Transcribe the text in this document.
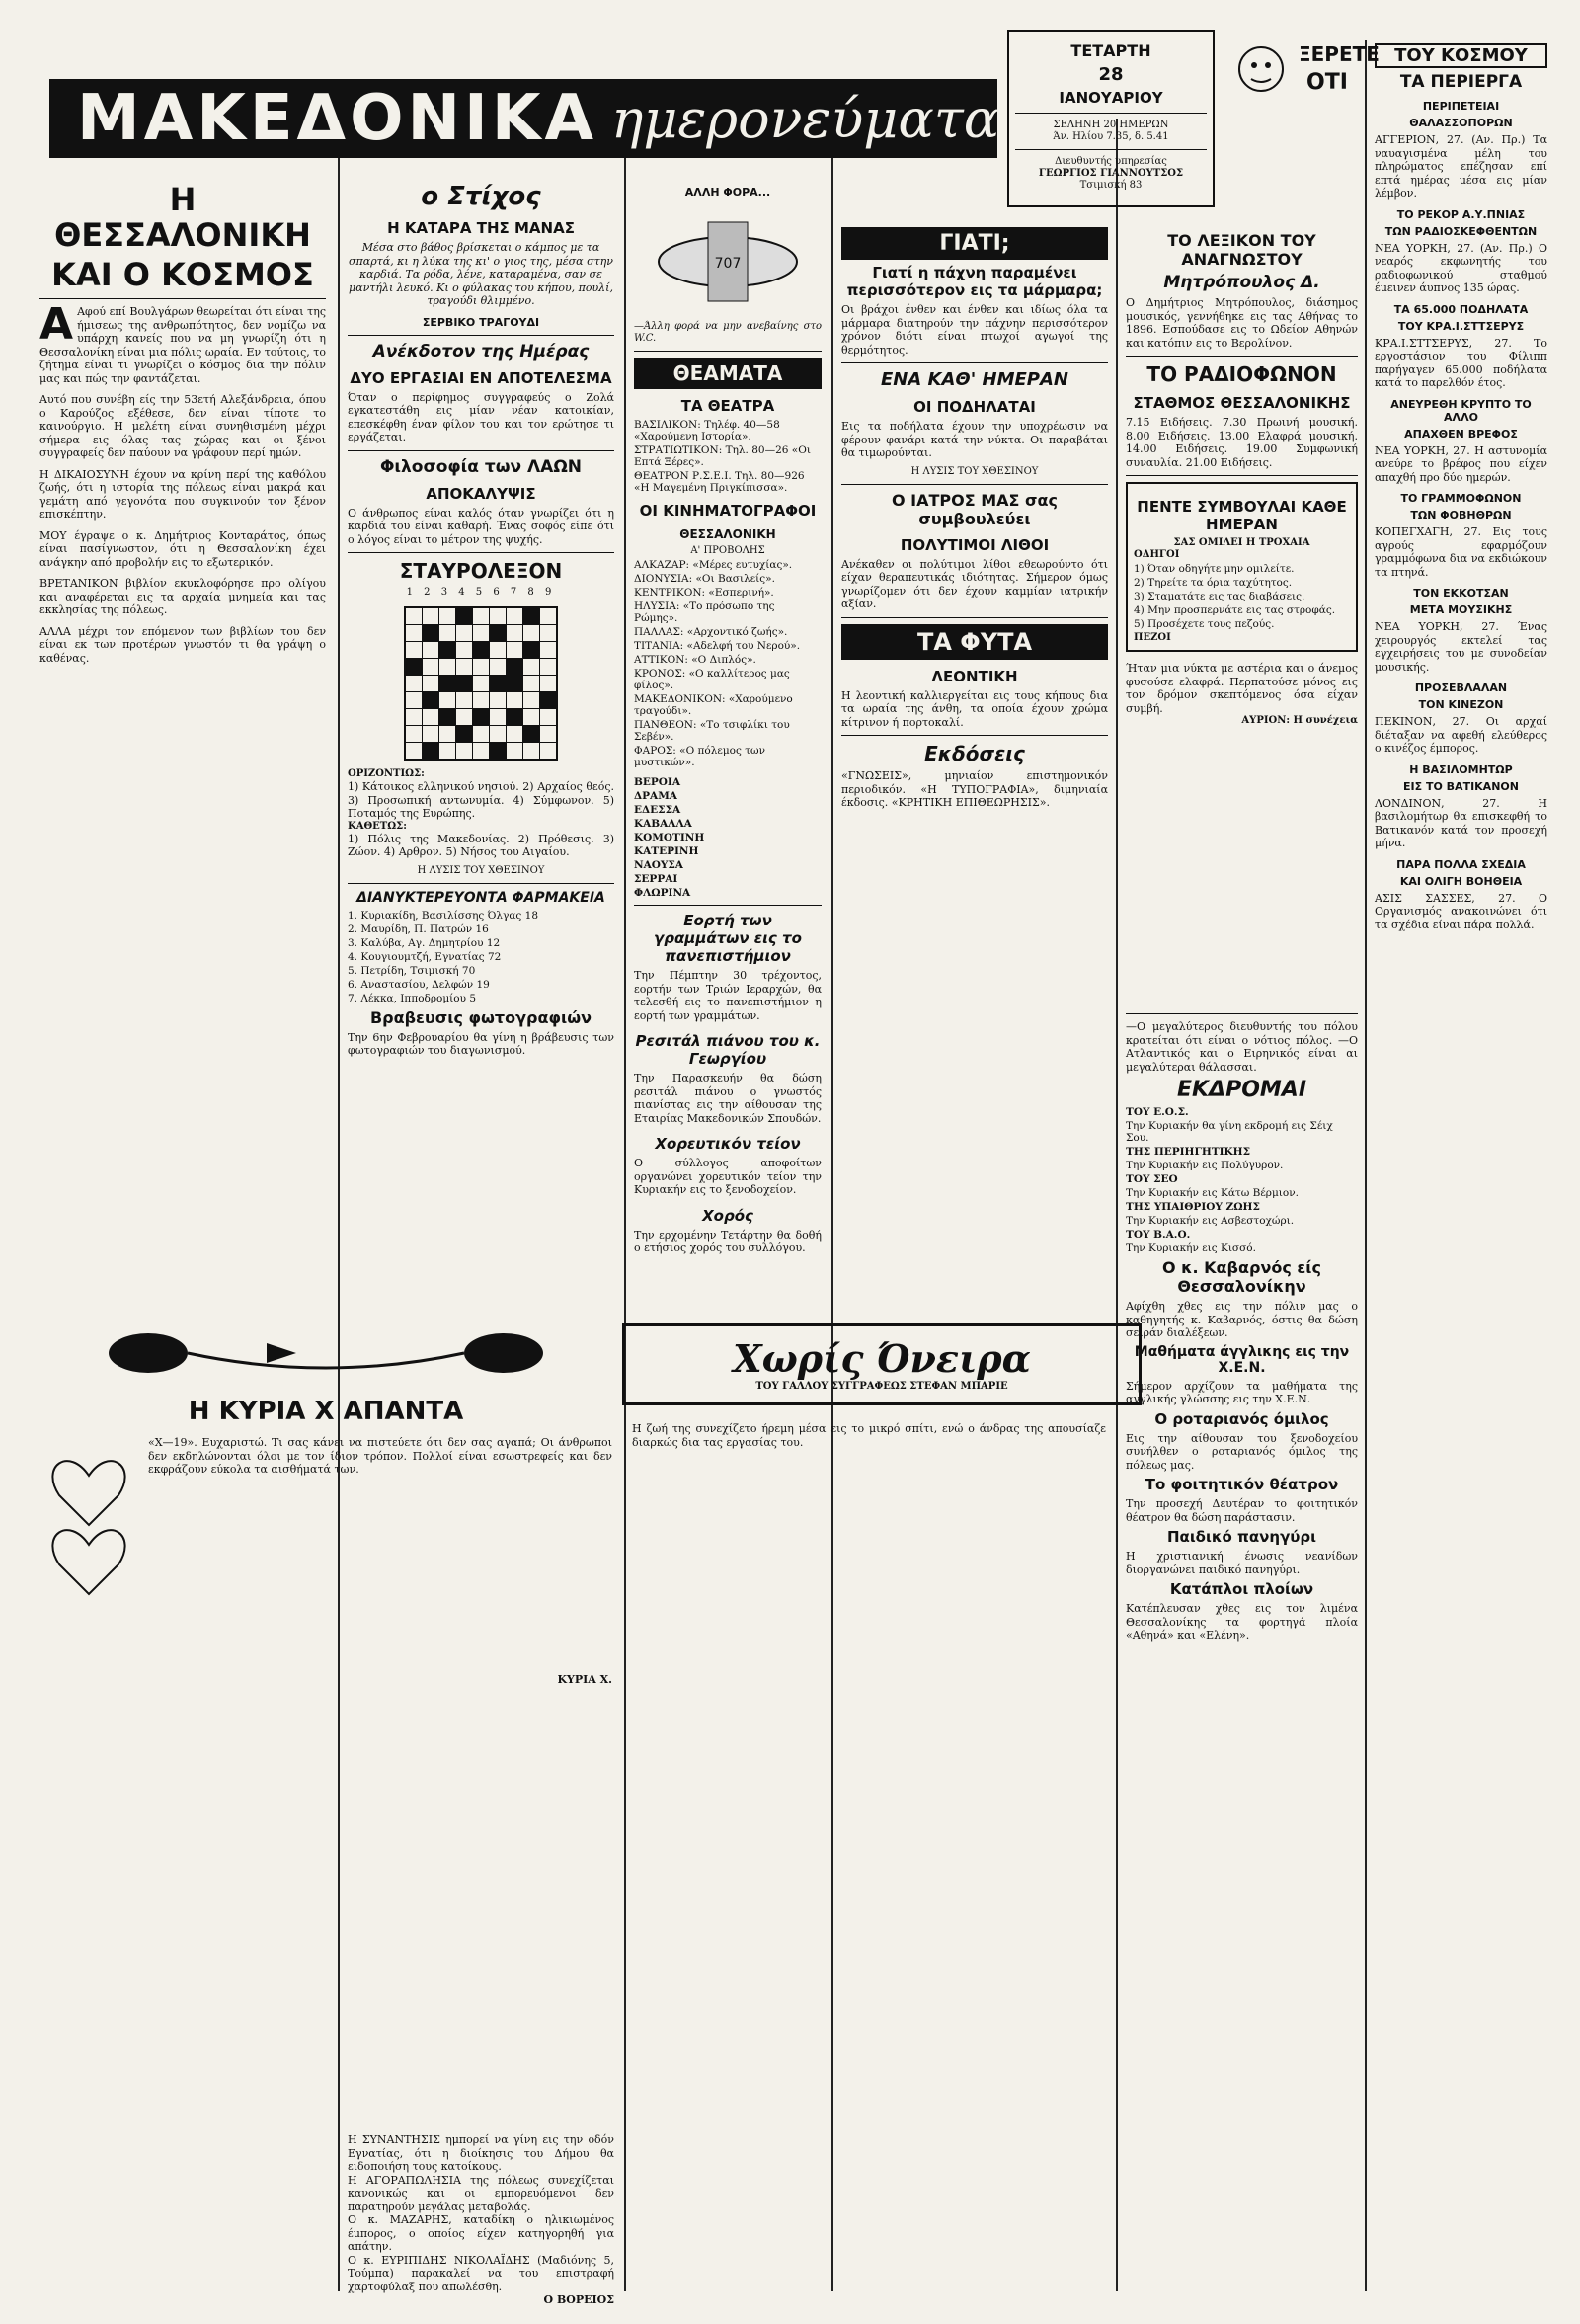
ΜΑΚΕΔΟΝΙΚΑ ημερονεύματα
ΤΕΤΑΡΤΗ
28
ΙΑΝΟΥΑΡΙΟΥ
ΣΕΛΗΝΗ 20 ΗΜΕΡΩΝ
Άν. Ηλίου 7.35, δ. 5.41
Διευθυντής υπηρεσίας
ΓΕΩΡΓΙΟΣ ΓΙΑΝΝΟΥΤΣΟΣ
Τσιμισκή 83
ΞΕΡΕΤΕ
ΟΤΙ
Η ΘΕΣΣΑΛΟΝΙΚΗ
ΚΑΙ Ο ΚΟΣΜΟΣ

Α Αφού επί Βουλγάρων θεωρείται ότι είναι της ήμισεως της ανθρωπότητος, δεν νομίζω να υπάρχη κανείς που να μη γνωρίζη ότι η Θεσσαλονίκη είναι μια πόλις ωραία. Εν τούτοις, το ζήτημα είναι τι γνωρίζει ο κόσμος δια την πόλιν μας και πώς την φαντάζεται.

Αυτό που συνέβη είς την 53ετή Αλεξάνδρεια, όπου ο Καρούζος εξέθεσε, δεν είναι τίποτε το καινούργιο. Η μελέτη είναι συνηθισμένη μέχρι σήμερα εις όλας τας χώρας και οι ξένοι συγγραφείς δεν παύουν να γράφουν περί ημών.

Η ΔΙΚΑΙΟΣΥΝΗ έχουν να κρίνη περί της καθόλου ζωής, ότι η ιστορία της πόλεως είναι μακρά και γεμάτη από γεγονότα που συγκινούν τον ξένον επισκέπτην.

ΜΟΥ έγραψε ο κ. Δημήτριος Κονταράτος, όπως είναι πασίγνωστον, ότι η Θεσσαλονίκη έχει ανάγκην από προβολήν εις το εξωτερικόν.

ΒΡΕΤΑΝΙΚΟΝ βιβλίον εκυκλοφόρησε προ ολίγου και αναφέρεται εις τα αρχαία μνημεία και τας εκκλησίας της πόλεως.

ΑΛΛΑ μέχρι τον επόμενον των βιβλίων του δεν είναι εκ των προτέρων γνωστόν τι θα γράψη ο καθένας.

Η ΚΥΡΙΑ Χ ΑΠΑΝΤΑ

«Χ—19». Ευχαριστώ. Τι σας κάνει να πιστεύετε ότι δεν σας αγαπά; Οι άνθρωποι δεν εκδηλώνονται όλοι με τον ίδιον τρόπον. Πολλοί είναι εσωστρεφείς και δεν εκφράζουν εύκολα τα αισθήματά των.

ΚΥΡΙΑ Χ.
ο Στίχος
Η ΚΑΤΑΡΑ ΤΗΣ ΜΑΝΑΣ

Μέσα στο βάθος βρίσκεται ο κάμπος με τα σπαρτά, κι η λύκα της κι' ο γιος της, μέσα στην καρδιά. Τα ρόδα, λένε, καταραμένα, σαν σε μαντήλι λευκό. Κι ο φύλακας του κήπου, πουλί, τραγούδι θλιμμένο.

ΣΕΡΒΙΚΟ ΤΡΑΓΟΥΔΙ
Ανέκδοτον της Ημέρας
ΔΥΟ ΕΡΓΑΣΙΑΙ ΕΝ ΑΠΟΤΕΛΕΣΜΑ

Όταν ο περίφημος συγγραφεύς ο Ζολά εγκατεστάθη εις μίαν νέαν κατοικίαν, επεσκέφθη έναν φίλον του και τον ερώτησε τι εργάζεται.

Φιλοσοφία των ΛΑΩΝ
ΑΠΟΚΑΛΥΨΙΣ

Ο άνθρωπος είναι καλός όταν γνωρίζει ότι η καρδιά του είναι καθαρή. Ένας σοφός είπε ότι ο λόγος είναι το μέτρον της ψυχής.

ΣΤΑΥΡΟΛΕΞΟΝ
1 2 3 4 5 6 7 8 9
ΟΡΙΖΟΝΤΙΩΣ:

1) Κάτοικος ελληνικού νησιού. 2) Αρχαίος θεός. 3) Προσωπική αντωνυμία. 4) Σύμφωνον. 5) Ποταμός της Ευρώπης.

ΚΑΘΕΤΩΣ:

1) Πόλις της Μακεδονίας. 2) Πρόθεσις. 3) Ζώον. 4) Αρθρον. 5) Νήσος του Αιγαίου.

Η ΛΥΣΙΣ ΤΟΥ ΧΘΕΣΙΝΟΥ
ΔΙΑΝΥΚΤΕΡΕΥΟΝΤΑ ΦΑΡΜΑΚΕΙΑ

1. Κυριακίδη, Βασιλίσσης Όλγας 18

2. Μαυρίδη, Π. Πατρών 16

3. Καλύβα, Αγ. Δημητρίου 12

4. Κουγιουμτζή, Εγνατίας 72

5. Πετρίδη, Τσιμισκή 70

6. Αναστασίου, Δελφών 19

7. Λέκκα, Ιπποδρομίου 5

Βραβευσις φωτογραφιών

Την 6ην Φεβρουαρίου θα γίνη η βράβευσις των φωτογραφιών του διαγωνισμού.

ΑΛΛΗ ΦΟΡΑ...
707

—Άλλη φορά να μην ανεβαίνης στο W.C.

ΘΕΑΜΑΤΑ
ΤΑ ΘΕΑΤΡΑ

ΒΑΣΙΛΙΚΟΝ: Τηλέφ. 40—58 «Χαρούμενη Ιστορία».

ΣΤΡΑΤΙΩΤΙΚΟΝ: Τηλ. 80—26 «Οι Επτά Ξέρες».

ΘΕΑΤΡΟΝ Ρ.Σ.Ε.Ι. Τηλ. 80—926 «Η Μαγεμένη Πριγκίπισσα».

ΟΙ ΚΙΝΗΜΑΤΟΓΡΑΦΟΙ
ΘΕΣΣΑΛΟΝΙΚΗ
Α' ΠΡΟΒΟΛΗΣ

ΑΛΚΑΖΑΡ: «Μέρες ευτυχίας».

ΔΙΟΝΥΣΙΑ: «Οι Βασιλείς».

ΚΕΝΤΡΙΚΟΝ: «Εσπερινή».

ΗΛΥΣΙΑ: «Το πρόσωπο της Ρώμης».

ΠΑΛΛΑΣ: «Αρχοντικό ζωής».

ΤΙΤΑΝΙΑ: «Αδελφή του Νερού».

ΑΤΤΙΚΟΝ: «Ο Διπλός».

ΚΡΟΝΟΣ: «Ο καλλίτερος μας φίλος».

ΜΑΚΕΔΟΝΙΚΟΝ: «Χαρούμενο τραγούδι».

ΠΑΝΘΕΟΝ: «Το τσιφλίκι του Σεβέν».

ΦΑΡΟΣ: «Ο πόλεμος των μυστικών».

ΒΕΡΟΙΑ

ΔΡΑΜΑ

ΕΔΕΣΣΑ

ΚΑΒΑΛΛΑ

ΚΟΜΟΤΙΝΗ

ΚΑΤΕΡΙΝΗ

ΝΑΟΥΣΑ

ΣΕΡΡΑΙ

ΦΛΩΡΙΝΑ

Εορτή των γραμμάτων εις το πανεπιστήμιον

Την Πέμπτην 30 τρέχοντος, εορτήν των Τριών Ιεραρχών, θα τελεσθή εις το πανεπιστήμιον η εορτή των γραμμάτων.

Ρεσιτάλ πιάνου του κ. Γεωργίου

Την Παρασκευήν θα δώση ρεσιτάλ πιάνου ο γνωστός πιανίστας εις την αίθουσαν της Εταιρίας Μακεδονικών Σπουδών.

Χορευτικόν τείον

Ο σύλλογος αποφοίτων οργανώνει χορευτικόν τείον την Κυριακήν εις το ξενοδοχείον.

Χορός

Την ερχομένην Τετάρτην θα δοθή ο ετήσιος χορός του συλλόγου.

ΓΙΑΤΙ;
Γιατί η πάχνη παραμένει περισσότερον εις τα μάρμαρα;

Οι βράχοι ένθεν και ένθεν και ιδίως όλα τα μάρμαρα διατηρούν την πάχνην περισσότερον χρόνον διότι είναι πτωχοί αγωγοί της θερμότητος.

ΕΝΑ ΚΑΘ' ΗΜΕΡΑΝ
ΟΙ ΠΟΔΗΛΑΤΑΙ

Εις τα ποδήλατα έχουν την υποχρέωσιν να φέρουν φανάρι κατά την νύκτα. Οι παραβάται θα τιμωρούνται.

Η ΛΥΣΙΣ ΤΟΥ ΧΘΕΣΙΝΟΥ
Ο ΙΑΤΡΟΣ ΜΑΣ σας συμβουλεύει
ΠΟΛΥΤΙΜΟΙ ΛΙΘΟΙ

Ανέκαθεν οι πολύτιμοι λίθοι εθεωρούντο ότι είχαν θεραπευτικάς ιδιότητας. Σήμερον όμως γνωρίζομεν ότι δεν έχουν καμμίαν ιατρικήν αξίαν.

ΤΑ ΦΥΤΑ
ΛΕΟΝΤΙΚΗ

Η λεοντική καλλιεργείται εις τους κήπους δια τα ωραία της άνθη, τα οποία έχουν χρώμα κίτρινον ή πορτοκαλί.

Εκδόσεις

«ΓΝΩΣΕΙΣ», μηνιαίον επιστημονικόν περιοδικόν. «Η ΤΥΠΟΓΡΑΦΙΑ», διμηνιαία έκδοσις. «ΚΡΗΤΙΚΗ ΕΠΙΘΕΩΡΗΣΙΣ».

Χωρίς Όνειρα
ΤΟΥ ΓΑΛΛΟΥ ΣΥΓΓΡΑΦΕΩΣ ΣΤΕΦΑΝ ΜΠΑΡΙΕ

Η ζωή της συνεχίζετο ήρεμη μέσα εις το μικρό σπίτι, ενώ ο άνδρας της απουσίαζε διαρκώς δια τας εργασίας του.

ΤΟ ΛΕΞΙΚΟΝ ΤΟΥ ΑΝΑΓΝΩΣΤΟΥ
Μητρόπουλος Δ.

Ο Δημήτριος Μητρόπουλος, διάσημος μουσικός, γεννήθηκε εις τας Αθήνας το 1896. Εσπούδασε εις το Ωδείον Αθηνών και κατόπιν εις το Βερολίνον.

ΤΟ ΡΑΔΙΟΦΩΝΟΝ
ΣΤΑΘΜΟΣ ΘΕΣΣΑΛΟΝΙΚΗΣ

7.15 Ειδήσεις. 7.30 Πρωινή μουσική. 8.00 Ειδήσεις. 13.00 Ελαφρά μουσική. 14.00 Ειδήσεις. 19.00 Συμφωνική συναυλία. 21.00 Ειδήσεις.

ΠΕΝΤΕ ΣΥΜΒΟΥΛΑΙ ΚΑΘΕ ΗΜΕΡΑΝ
ΣΑΣ ΟΜΙΛΕΙ Η ΤΡΟΧΑΙΑ
ΟΔΗΓΟΙ

1) Όταν οδηγήτε μην ομιλείτε.

2) Τηρείτε τα όρια ταχύτητος.

3) Σταματάτε εις τας διαβάσεις.

4) Μην προσπερνάτε εις τας στροφάς.

5) Προσέχετε τους πεζούς.

ΠΕΖΟΙ

Ήταν μια νύκτα με αστέρια και ο άνεμος φυσούσε ελαφρά. Περπατούσε μόνος εις τον δρόμον σκεπτόμενος όσα είχαν συμβή.

ΑΥΡΙΟΝ: Η συνέχεια

—Ο μεγαλύτερος διευθυντής του πόλου κρατείται ότι είναι ο νότιος πόλος. —Ο Ατλαντικός και ο Ειρηνικός είναι αι μεγαλύτεραι θάλασσαι.

ΕΚΔΡΟΜΑΙ

ΤΟΥ Ε.Ο.Σ.

Την Κυριακήν θα γίνη εκδρομή εις Σέιχ Σου.

ΤΗΣ ΠΕΡΙΗΓΗΤΙΚΗΣ

Την Κυριακήν εις Πολύγυρον.

ΤΟΥ ΣΕΟ

Την Κυριακήν εις Κάτω Βέρμιον.

ΤΗΣ ΥΠΑΙΘΡΙΟΥ ΖΩΗΣ

Την Κυριακήν εις Ασβεστοχώρι.

ΤΟΥ Β.Α.Ο.

Την Κυριακήν εις Κισσό.

Ο κ. Καβαρνός είς Θεσσαλονίκην

Αφίχθη χθες εις την πόλιν μας ο καθηγητής κ. Καβαρνός, όστις θα δώση σειράν διαλέξεων.

Μαθήματα άγγλικης εις την Χ.Ε.Ν.

Σήμερον αρχίζουν τα μαθήματα της αγγλικής γλώσσης εις την Χ.Ε.Ν.

Ο ροταριανός όμιλος

Εις την αίθουσαν του ξενοδοχείου συνήλθεν ο ροταριανός όμιλος της πόλεως μας.

Το φοιτητικόν θέατρον

Την προσεχή Δευτέραν το φοιτητικόν θέατρον θα δώση παράστασιν.

Παιδικό πανηγύρι

Η χριστιανική ένωσις νεανίδων διοργανώνει παιδικό πανηγύρι.

Κατάπλοι πλοίων

Κατέπλευσαν χθες εις τον λιμένα Θεσσαλονίκης τα φορτηγά πλοία «Αθηνά» και «Ελένη».

ΤΟΥ ΚΟΣΜΟΥ
ΤΑ ΠΕΡΙΕΡΓΑ
ΠΕΡΙΠΕΤΕΙΑΙ
ΘΑΛΑΣΣΟΠΟΡΩΝ

ΑΓΓΕΡΙΟΝ, 27. (Αν. Πρ.) Τα ναυαγισμένα μέλη του πληρώματος επέζησαν επί επτά ημέρας μέσα εις μίαν λέμβον.

ΤΟ ΡΕΚΟΡ Α.Υ.ΠΝΙΑΣ
ΤΩΝ ΡΑΔΙΟΣΚΕΦΘΕΝΤΩΝ

ΝΕΑ ΥΟΡΚΗ, 27. (Αν. Πρ.) Ο νεαρός εκφωνητής του ραδιοφωνικού σταθμού έμεινεν άυπνος 135 ώρας.

ΤΑ 65.000 ΠΟΔΗΛΑΤΑ
ΤΟΥ ΚΡΑ.Ι.ΣΤΤΣΕΡΥΣ

ΚΡΑ.Ι.ΣΤΤΣΕΡΥΣ, 27. Το εργοστάσιον του Φίλιππ παρήγαγεν 65.000 ποδήλατα κατά το παρελθόν έτος.

ΑΝΕΥΡΕΘΗ ΚΡΥΠΤΟ ΤΟ ΑΛΛΟ
ΑΠΑΧΘΕΝ ΒΡΕΦΟΣ

ΝΕΑ ΥΟΡΚΗ, 27. Η αστυνομία ανεύρε το βρέφος που είχεν απαχθή προ δύο ημερών.

ΤΟ ΓΡΑΜΜΟΦΩΝΟΝ
ΤΩΝ ΦΟΒΗΘΡΩΝ

ΚΟΠΕΓΧΑΓΗ, 27. Εις τους αγρούς εφαρμόζουν γραμμόφωνα δια να εκδιώκουν τα πτηνά.

ΤΟΝ ΕΚΚΟΤΣΑΝ
ΜΕΤΑ ΜΟΥΣΙΚΗΣ

ΝΕΑ ΥΟΡΚΗ, 27. Ένας χειρουργός εκτελεί τας εγχειρήσεις του με συνοδείαν μουσικής.

ΠΡΟΣΕΒΛΑΛΑΝ
ΤΟΝ ΚΙΝΕΖΟΝ

ΠΕΚΙΝΟΝ, 27. Οι αρχαί διέταξαν να αφεθή ελεύθερος ο κινέζος έμπορος.

Η ΒΑΣΙΛΟΜΗΤΩΡ
ΕΙΣ ΤΟ ΒΑΤΙΚΑΝΟΝ

ΛΟΝΔΙΝΟΝ, 27. Η βασιλομήτωρ θα επισκεφθή το Βατικανόν κατά τον προσεχή μήνα.

ΠΑΡΑ ΠΟΛΛΑ ΣΧΕΔΙΑ
ΚΑΙ ΟΛΙΓΗ ΒΟΗΘΕΙΑ

ΑΣΙΣ ΣΑΣΣΕΣ, 27. Ο Οργανισμός ανακοινώνει ότι τα σχέδια είναι πάρα πολλά.

Η ΣΥΝΑΝΤΗΣΙΣ ημπορεί να γίνη εις την οδόν Εγνατίας, ότι η διοίκησις του Δήμου θα ειδοποιήση τους κατοίκους.

Η ΑΓΟΡΑΠΩΛΗΣΙΑ της πόλεως συνεχίζεται κανονικώς και οι εμπορευόμενοι δεν παρατηρούν μεγάλας μεταβολάς.

Ο κ. ΜΑΖΑΡΗΣ, καταδίκη ο ηλικιωμένος έμπορος, ο οποίος είχεν κατηγορηθή για απάτην.

Ο κ. ΕΥΡΙΠΙΔΗΣ ΝΙΚΟΛΑΪΔΗΣ (Μαδιόνης 5, Τούμπα) παρακαλεί να του επιστραφή χαρτοφύλαξ που απωλέσθη.

Ο ΒΟΡΕΙΟΣ
